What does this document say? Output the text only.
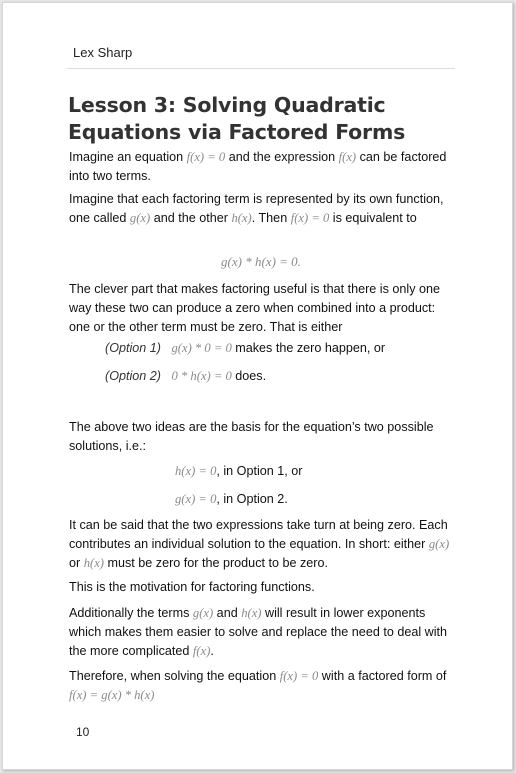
Lex Sharp
Lesson 3: Solving Quadratic Equations via Factored Forms
Imagine an equation f(x) = 0 and the expression f(x) can be factored into two terms.
Imagine that each factoring term is represented by its own function, one called g(x) and the other h(x). Then f(x) = 0 is equivalent to
g(x) * h(x) = 0.
The clever part that makes factoring useful is that there is only one way these two can produce a zero when combined into a product: one or the other term must be zero. That is either
(Option 1) g(x) * 0 = 0 makes the zero happen, or
(Option 2) 0 * h(x) = 0 does.
The above two ideas are the basis for the equation’s two possible solutions, i.e.:
h(x) = 0, in Option 1, or
g(x) = 0, in Option 2.
It can be said that the two expressions take turn at being zero. Each contributes an individual solution to the equation. In short: either g(x) or h(x) must be zero for the product to be zero.
This is the motivation for factoring functions.
Additionally the terms g(x) and h(x) will result in lower exponents which makes them easier to solve and replace the need to deal with the more complicated f(x).
Therefore, when solving the equation f(x) = 0 with a factored form of f(x) = g(x) * h(x)
10
